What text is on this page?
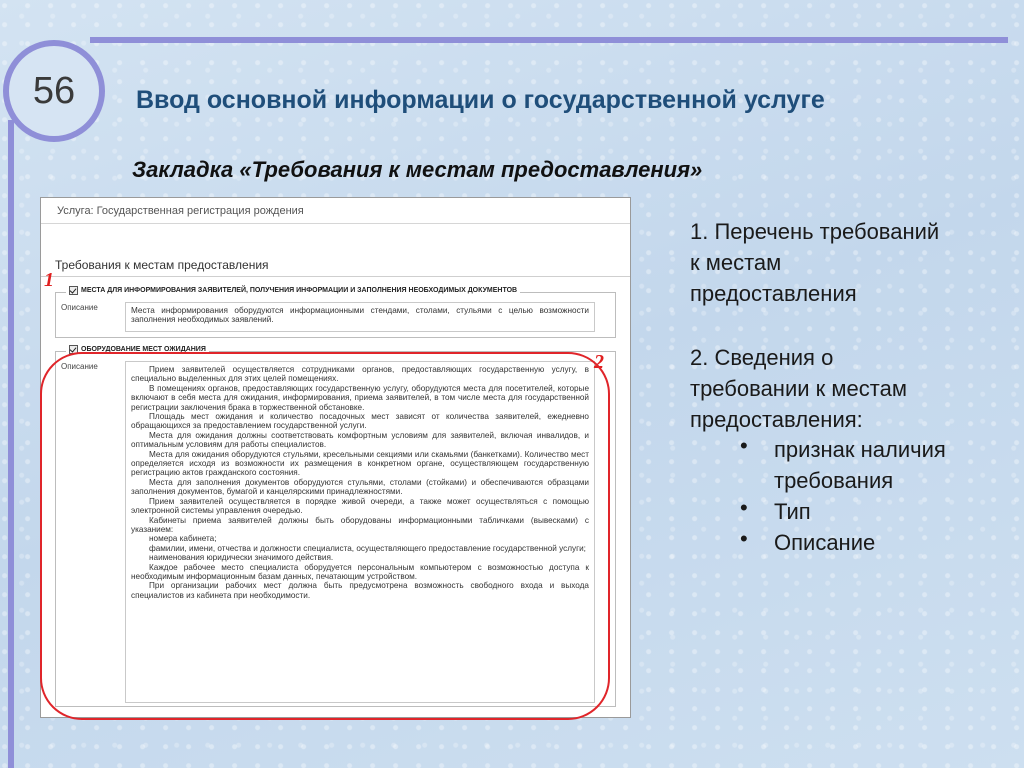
56	Ввод основной информации о государственной услуге
Закладка «Требования к местам предоставления»
Услуга: Государственная регистрация рождения
Требования к местам предоставления
МЕСТА ДЛЯ ИНФОРМИРОВАНИЯ ЗАЯВИТЕЛЕЙ, ПОЛУЧЕНИЯ ИНФОРМАЦИИ И ЗАПОЛНЕНИЯ НЕОБХОДИМЫХ ДОКУМЕНТОВ
Описание	Места информирования оборудуются информационными стендами, столами, стульями с целью возможности заполнения необходимых заявлений.
ОБОРУДОВАНИЕ МЕСТ ОЖИДАНИЯ
Описание	Прием заявителей осуществляется сотрудниками органов, предоставляющих государственную услугу, в специально выделенных для этих целей помещениях.

В помещениях органов, предоставляющих государственную услугу, оборудуются места для посетителей, которые включают в себя места для ожидания, информирования, приема заявителей, в том числе места для государственной регистрации заключения брака в торжественной обстановке.

Площадь мест ожидания и количество посадочных мест зависят от количества заявителей, ежедневно обращающихся за предоставлением государственной услуги.

Места для ожидания должны соответствовать комфортным условиям для заявителей, включая инвалидов, и оптимальным условиям для работы специалистов.

Места для ожидания оборудуются стульями, кресельными секциями или скамьями (банкетками). Количество мест определяется исходя из возможности их размещения в конкретном органе, осуществляющем государственную регистрацию актов гражданского состояния.

Места для заполнения документов оборудуются стульями, столами (стойками) и обеспечиваются образцами заполнения документов, бумагой и канцелярскими принадлежностями.

Прием заявителей осуществляется в порядке живой очереди, а также может осуществляться с помощью электронной системы управления очередью.

Кабинеты приема заявителей должны быть оборудованы информационными табличками (вывесками) с указанием:

номера кабинета;

фамилии, имени, отчества и должности специалиста, осуществляющего предоставление государственной услуги;

наименования юридически значимого действия.

Каждое рабочее место специалиста оборудуется персональным компьютером с возможностью доступа к необходимым информационным базам данных, печатающим устройством.

При организации рабочих мест должна быть предусмотрена возможность свободного входа и выхода специалистов из кабинета при необходимости.

1
2
1. Перечень требований
к местам
предоставления
2. Сведения о
требовании к местам
предоставления:
• признак наличия
требования
• Тип
• Описание
